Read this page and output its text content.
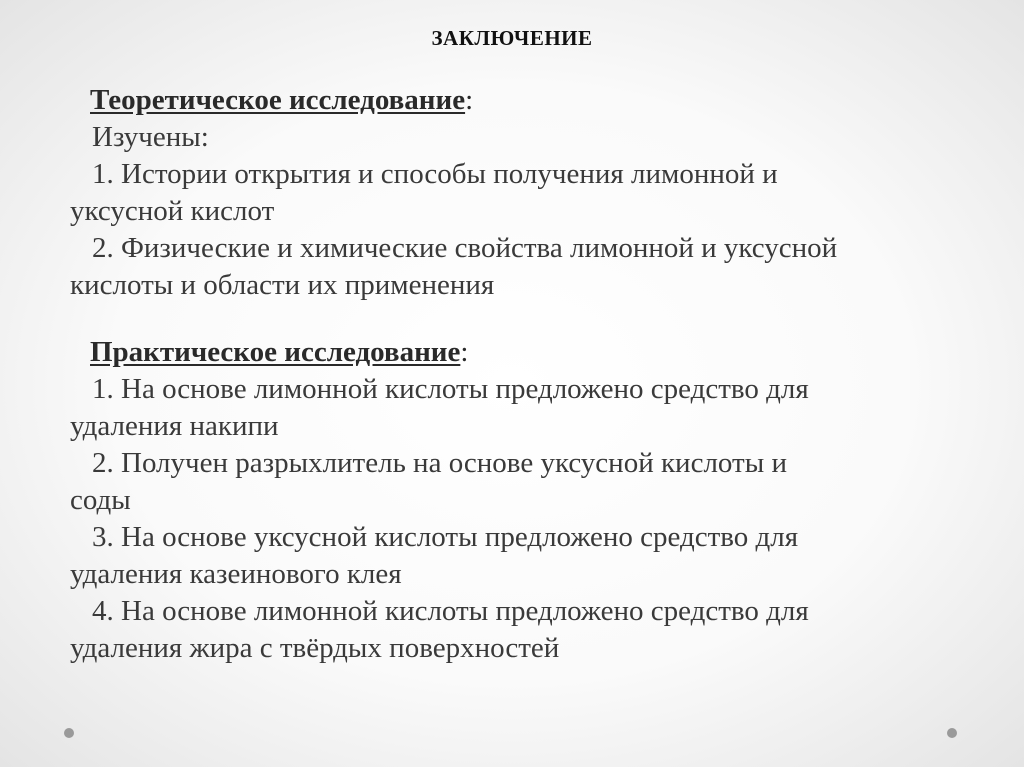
ЗАКЛЮЧЕНИЕ

Теоретическое исследование:

Изучены:

1. Истории открытия и способы получения лимонной и

уксусной кислот

2. Физические и химические свойства лимонной и уксусной

кислоты и области их применения

Практическое исследование:

1. На основе лимонной кислоты предложено средство для

удаления накипи

2. Получен разрыхлитель на основе уксусной кислоты и

соды

3. На основе уксусной кислоты предложено средство для

удаления казеинового клея

4. На основе лимонной кислоты предложено средство для

удаления жира с твёрдых поверхностей
